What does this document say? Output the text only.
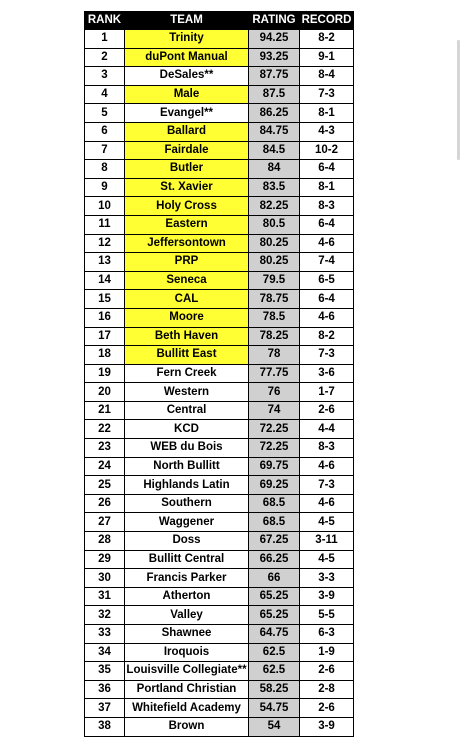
RANK	TEAM	RATING	RECORD
1	Trinity	94.25	8-2
2	duPont Manual	93.25	9-1
3	DeSales**	87.75	8-4
4	Male	87.5	7-3
5	Evangel**	86.25	8-1
6	Ballard	84.75	4-3
7	Fairdale	84.5	10-2
8	Butler	84	6-4
9	St. Xavier	83.5	8-1
10	Holy Cross	82.25	8-3
11	Eastern	80.5	6-4
12	Jeffersontown	80.25	4-6
13	PRP	80.25	7-4
14	Seneca	79.5	6-5
15	CAL	78.75	6-4
16	Moore	78.5	4-6
17	Beth Haven	78.25	8-2
18	Bullitt East	78	7-3
19	Fern Creek	77.75	3-6
20	Western	76	1-7
21	Central	74	2-6
22	KCD	72.25	4-4
23	WEB du Bois	72.25	8-3
24	North Bullitt	69.75	4-6
25	Highlands Latin	69.25	7-3
26	Southern	68.5	4-6
27	Waggener	68.5	4-5
28	Doss	67.25	3-11
29	Bullitt Central	66.25	4-5
30	Francis Parker	66	3-3
31	Atherton	65.25	3-9
32	Valley	65.25	5-5
33	Shawnee	64.75	6-3
34	Iroquois	62.5	1-9
35	Louisville Collegiate**	62.5	2-6
36	Portland Christian	58.25	2-8
37	Whitefield Academy	54.75	2-6
38	Brown	54	3-9
